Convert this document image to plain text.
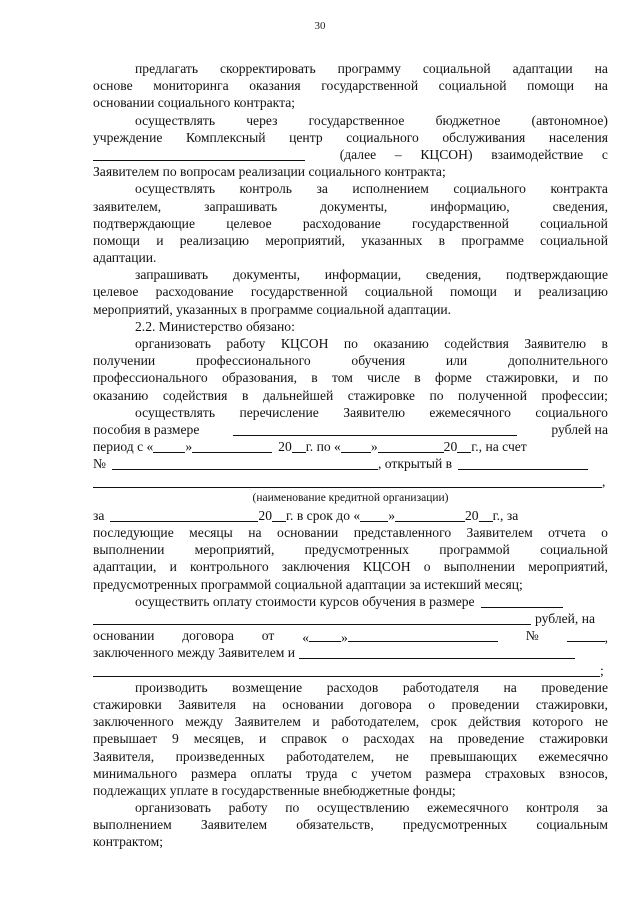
30
предлагать скорректировать программу социальной адаптации на
основе мониторинга оказания государственной социальной помощи на
основании социального контракта;
осуществлять через государственное бюджетное (автономное)
учреждение Комплексный центр социального обслуживания населения
(далее – КЦСОН) взаимодействие с
Заявителем по вопросам реализации социального контракта;
осуществлять контроль за исполнением социального контракта
заявителем,	запрашивать	документы,	информацию,	сведения,
подтверждающие целевое расходование государственной социальной
помощи и реализацию мероприятий, указанных в программе социальной
адаптации.
запрашивать документы, информации, сведения, подтверждающие
целевое расходование государственной социальной помощи и реализацию
мероприятий, указанных в программе социальной адаптации.
2.2. Министерство обязано:
организовать работу КЦСОН по оказанию содействия Заявителю в
получении	профессионального	обучения	или	дополнительного
профессионального образования, в том числе в форме стажировки, и по
оказанию содействия в дальнейшей стажировке по полученной профессии;
осуществлять перечисление Заявителю ежемесячного социального
пособия в размере	рублей на
период с « »	20 г. по « »	20 г., на счет
№	, открытый в
,
(наименование кредитной организации)
за	20 г. в срок до « »	20 г., за
последующие месяцы на основании представленного Заявителем отчета о
выполнении мероприятий, предусмотренных программой социальной
адаптации, и контрольного заключения КЦСОН о выполнении мероприятий,
предусмотренных программой социальной адаптации за истекший месяц;
осуществить оплату стоимости курсов обучения в размере
рублей, на
основании договора от « »	№	,
заключенного между Заявителем и
;
производить возмещение расходов работодателя на проведение
стажировки Заявителя на основании договора о проведении стажировки,
заключенного между Заявителем и работодателем, срок действия которого не
превышает 9 месяцев, и справок о расходах на проведение стажировки
Заявителя, произведенных работодателем, не превышающих ежемесячно
минимального размера оплаты труда с учетом размера страховых взносов,
подлежащих уплате в государственные внебюджетные фонды;
организовать работу по осуществлению ежемесячного контроля за
выполнением Заявителем обязательств, предусмотренных социальным
контрактом;
